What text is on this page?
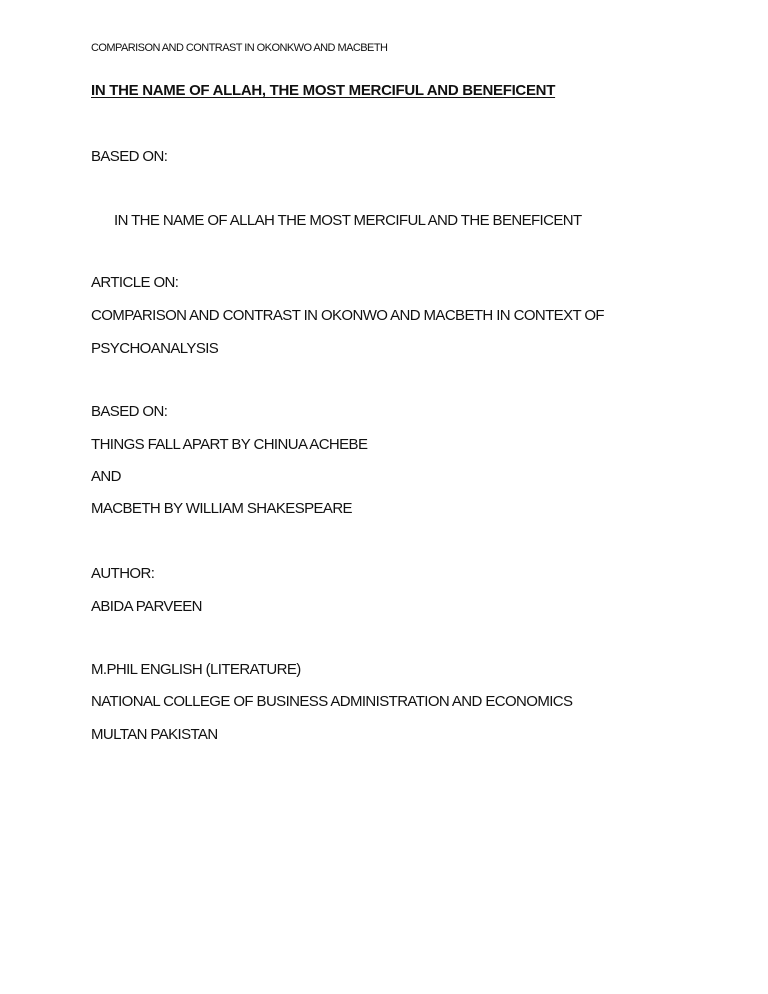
COMPARISON AND CONTRAST IN OKONKWO AND MACBETH
IN THE NAME OF ALLAH, THE MOST MERCIFUL AND BENEFICENT
BASED ON:
IN THE NAME OF ALLAH THE MOST MERCIFUL AND THE BENEFICENT
ARTICLE ON:
COMPARISON AND CONTRAST IN OKONWO AND MACBETH IN CONTEXT OF
PSYCHOANALYSIS
BASED ON:
THINGS FALL APART BY CHINUA ACHEBE
AND
MACBETH BY WILLIAM SHAKESPEARE
AUTHOR:
ABIDA PARVEEN
M.PHIL ENGLISH (LITERATURE)
NATIONAL COLLEGE OF BUSINESS ADMINISTRATION AND ECONOMICS
MULTAN PAKISTAN
